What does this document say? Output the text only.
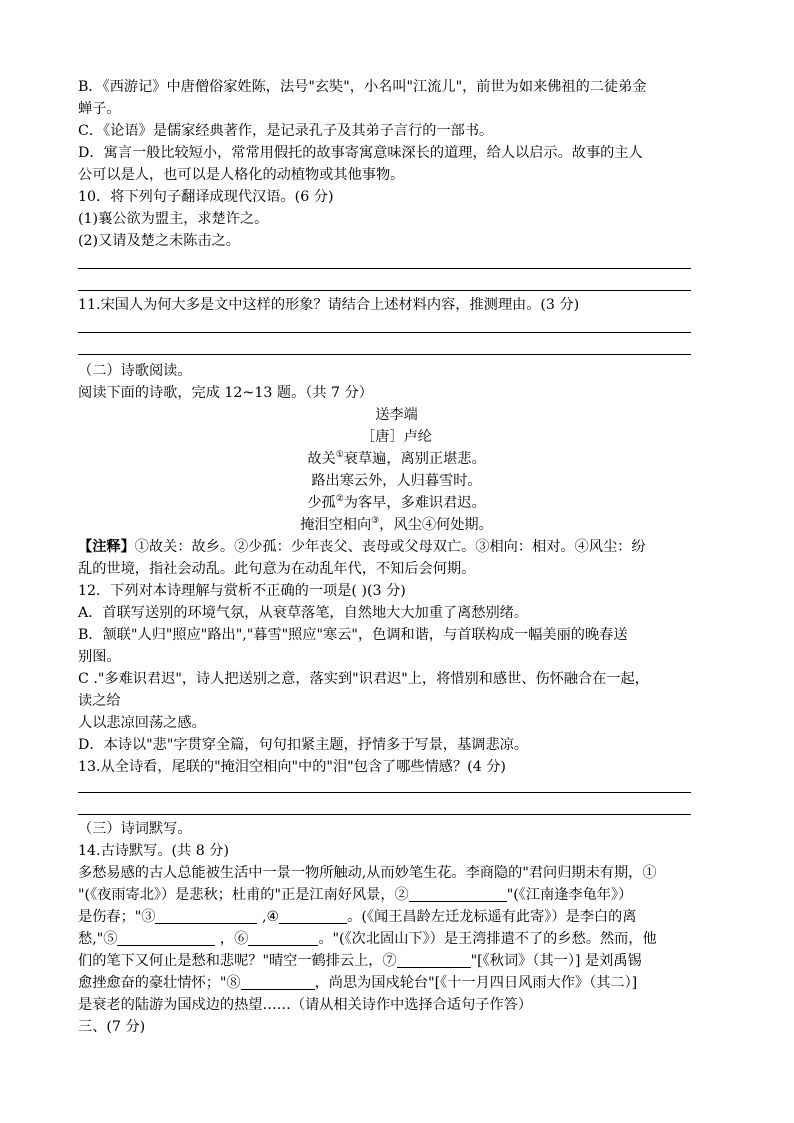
B．《西游记》中唐僧俗家姓陈，法号"玄奘"，小名叫"江流儿"，前世为如来佛祖的二徒弟金
蝉子。
C．《论语》是儒家经典著作，是记录孔子及其弟子言行的一部书。
D．寓言一般比较短小，常常用假托的故事寄寓意味深长的道理，给人以启示。故事的主人
公可以是人，也可以是人格化的动植物或其他事物。
10．将下列句子翻译成现代汉语。(6 分)
(1)襄公欲为盟主，求楚许之。
(2)又请及楚之未陈击之。
11.宋国人为何大多是文中这样的形象？请结合上述材料内容，推测理由。(3 分)
（二）诗歌阅读。
阅读下面的诗歌，完成 12~13 题。（共 7 分）
送李端
［唐］卢纶
故关①衰草遍，离别正堪悲。
路出寒云外，人归暮雪时。
少孤②为客早，多难识君迟。
掩泪空相向③，风尘④何处期。
【注释】①故关：故乡。②少孤：少年丧父、丧母或父母双亡。③相向：相对。④风尘：纷
乱的世境，指社会动乱。此句意为在动乱年代，不知后会何期。
12．下列对本诗理解与赏析不正确的一项是( )(3 分)
A．首联写送别的环境气氛，从衰草落笔，自然地大大加重了离愁别绪。
B．颔联"人归"照应"路出","暮雪"照应"寒云"，色调和谐，与首联构成一幅美丽的晚春送
别图。
C ."多难识君迟"，诗人把送别之意，落实到"识君迟"上，将惜别和感世、伤怀融合在一起，
读之给
人以悲凉回荡之感。
D．本诗以"悲"字贯穿全篇，句句扣紧主题，抒情多于写景，基调悲凉。
13.从全诗看，尾联的"掩泪空相向"中的"泪"包含了哪些情感？(4 分)
（三）诗词默写。
14.古诗默写。(共 8 分)
多愁易感的古人总能被生活中一景一物所触动,从而妙笔生花。李商隐的"君问归期未有期，①
"(《夜雨寄北》）是悲秋；杜甫的"正是江南好风景，②	"(《江南逢李龟年》）
是伤春；"③	,④	。(《闻王昌龄左迁龙标遥有此寄》）是李白的离
愁,"⑤	，⑥	。"(《次北固山下》）是王湾排遣不了的乡愁。然而，他
们的笔下又何止是愁和悲呢？"晴空一鹤排云上，⑦	"[《秋词》（其一）] 是刘禹锡
愈挫愈奋的豪壮情怀；"⑧	，尚思为国戍轮台"[《十一月四日风雨大作》（其二）]
是衰老的陆游为国戍边的热望……（请从相关诗作中选择合适句子作答）
三、(7 分)
